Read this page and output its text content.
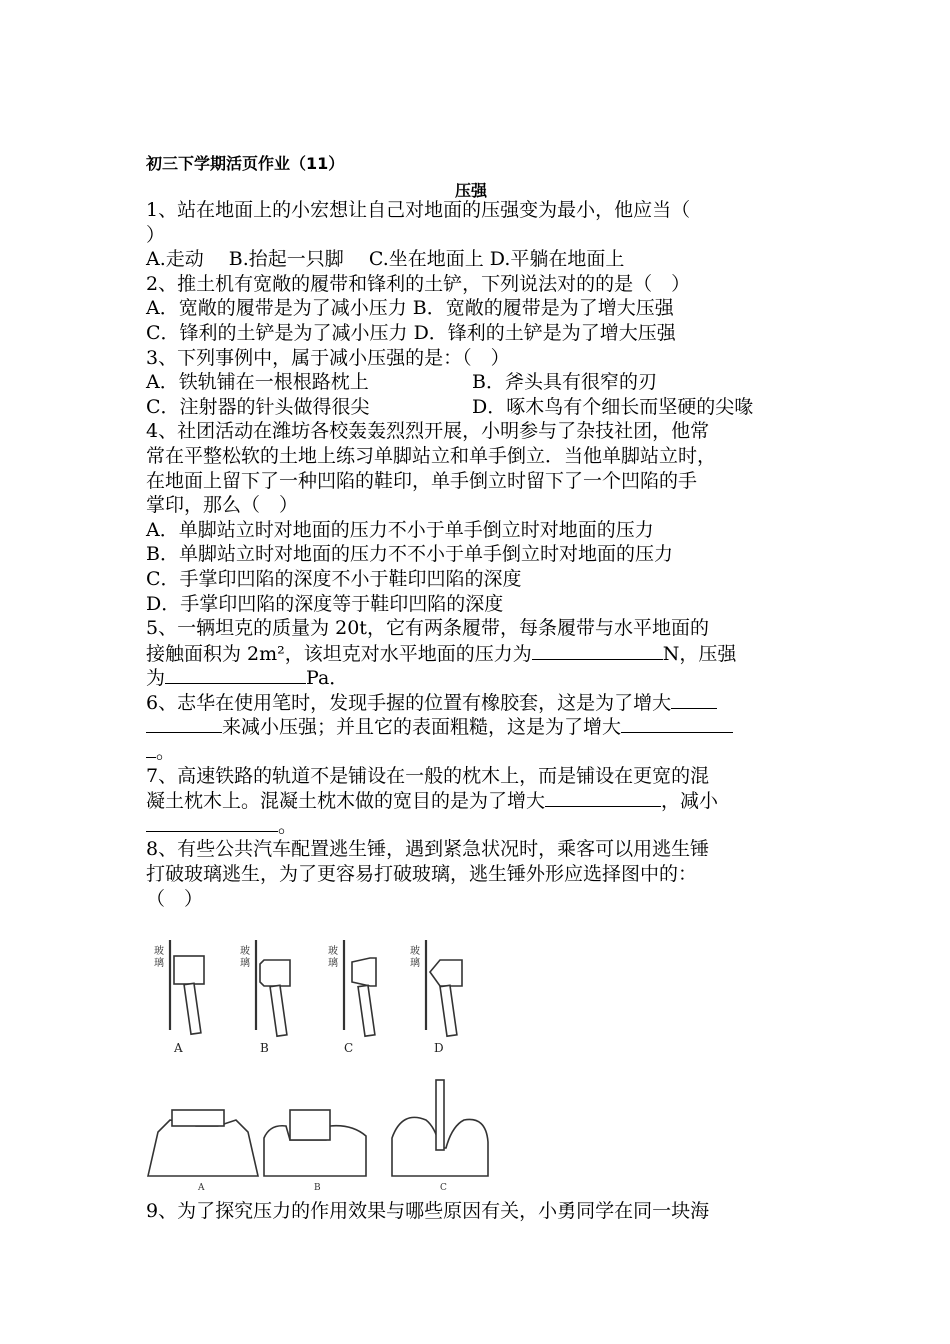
初三下学期活页作业（11）
压强
1、站在地面上的小宏想让自己对地面的压强变为最小，他应当（
）
A.走动　 B.抬起一只脚　 C.坐在地面上 D.平躺在地面上
2、推土机有宽敞的履带和锋利的土铲，下列说法对的的是（　）
A．宽敞的履带是为了减小压力 B．宽敞的履带是为了增大压强
C．锋利的土铲是为了减小压力 D．锋利的土铲是为了增大压强
3、下列事例中，属于减小压强的是：（　）
A．铁轨铺在一根根路枕上	B．斧头具有很窄的刃
C．注射器的针头做得很尖	D．啄木鸟有个细长而坚硬的尖喙
4、社团活动在潍坊各校轰轰烈烈开展，小明参与了杂技社团，他常
常在平整松软的土地上练习单脚站立和单手倒立．当他单脚站立时，
在地面上留下了一种凹陷的鞋印，单手倒立时留下了一个凹陷的手
掌印，那么（　）
A．单脚站立时对地面的压力不小于单手倒立时对地面的压力
B．单脚站立时对地面的压力不不小于单手倒立时对地面的压力
C．手掌印凹陷的深度不小于鞋印凹陷的深度
D．手掌印凹陷的深度等于鞋印凹陷的深度
5、一辆坦克的质量为 20t，它有两条履带，每条履带与水平地面的
接触面积为 2m²，该坦克对水平地面的压力为	N，压强
为	Pa．
6、志华在使用笔时，发现手握的位置有橡胶套，这是为了增大
来减小压强；并且它的表面粗糙，这是为了增大
。
7、高速铁路的轨道不是铺设在一般的枕木上，而是铺设在更宽的混
凝土枕木上。混凝土枕木做的宽目的是为了增大	，减小
。
8、有些公共汽车配置逃生锤，遇到紧急状况时，乘客可以用逃生锤
打破玻璃逃生，为了更容易打破玻璃，逃生锤外形应选择图中的：
（　）
玻璃
玻璃
玻璃
玻璃
A	B	C	D
A	B	C
9、为了探究压力的作用效果与哪些原因有关，小勇同学在同一块海
